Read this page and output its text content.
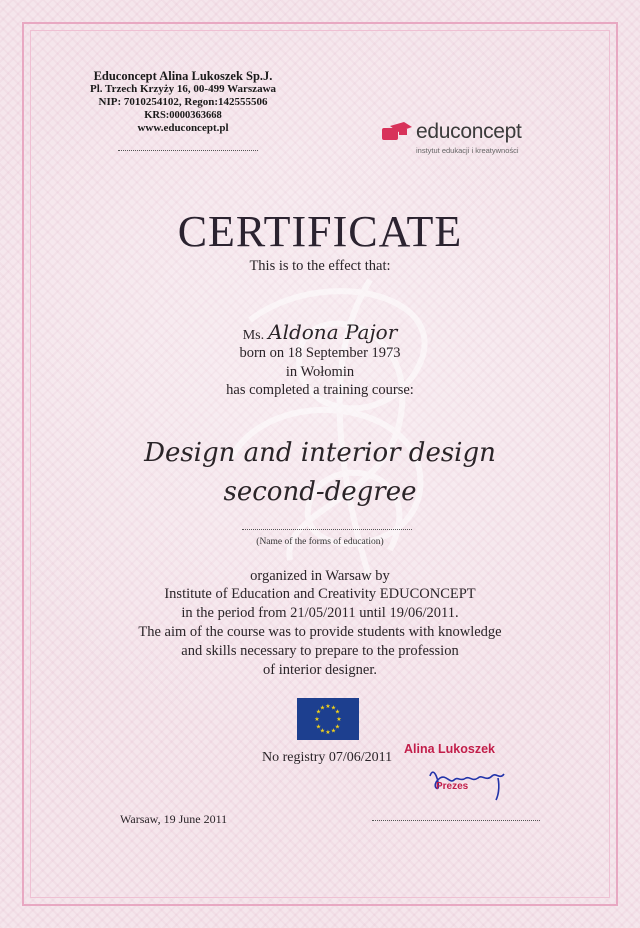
Educoncept Alina Lukoszek Sp.J.
Pl. Trzech Krzyży 16, 00-499 Warszawa
NIP: 7010254102, Regon:142555506
KRS:0000363668
www.educoncept.pl	educoncept
instytut edukacji i kreatywności
CERTIFICATE
This is to the effect that:
Ms. Aldona Pajor
born on 18 September 1973
in Wołomin
has completed a training course:
Design and interior design
second-degree
(Name of the forms of education)
organized in Warsaw by
Institute of Education and Creativity EDUCONCEPT
in the period from 21/05/2011 until 19/06/2011.
The aim of the course was to provide students with knowledge
and skills necessary to prepare to the profession
of interior designer.
★ ★
★
★
★
★
★
★
★
★
★
★
No registry 07/06/2011
Alina Lukoszek
Prezes
Warsaw, 19 June 2011
